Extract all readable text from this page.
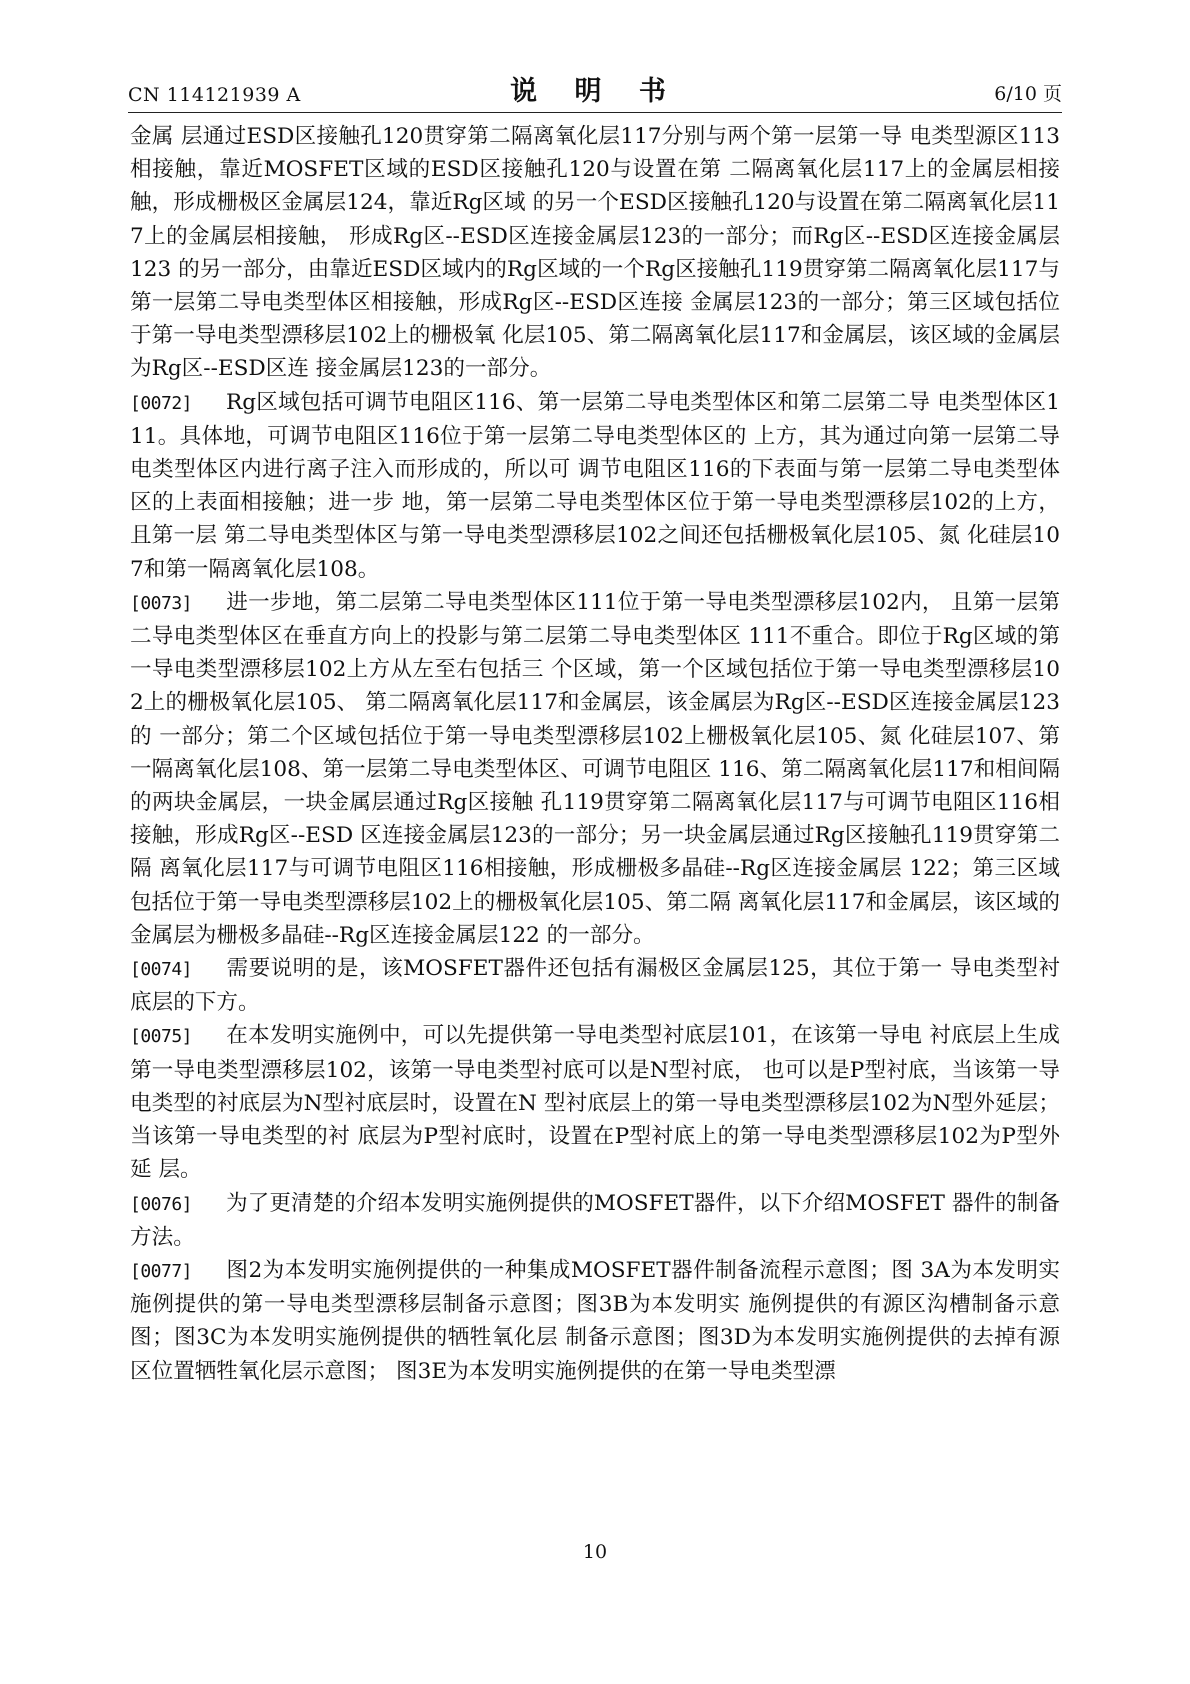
CN 114121939 A	说 明 书	6/10 页

金属 层通过ESD区接触孔120贯穿第二隔离氧化层117分别与两个第一层第一导 电类型源区113相接触，靠近MOSFET区域的ESD区接触孔120与设置在第 二隔离氧化层117上的金属层相接触，形成栅极区金属层124，靠近Rg区域 的另一个ESD区接触孔120与设置在第二隔离氧化层117上的金属层相接触， 形成Rg区--ESD区连接金属层123的一部分；而Rg区--ESD区连接金属层123 的另一部分，由靠近ESD区域内的Rg区域的一个Rg区接触孔119贯穿第二隔离氧化层117与第一层第二导电类型体区相接触，形成Rg区--ESD区连接 金属层123的一部分；第三区域包括位于第一导电类型漂移层102上的栅极氧 化层105、第二隔离氧化层117和金属层，该区域的金属层为Rg区--ESD区连 接金属层123的一部分。

[0072] Rg区域包括可调节电阻区116、第一层第二导电类型体区和第二层第二导 电类型体区111。具体地，可调节电阻区116位于第一层第二导电类型体区的 上方，其为通过向第一层第二导电类型体区内进行离子注入而形成的，所以可 调节电阻区116的下表面与第一层第二导电类型体区的上表面相接触；进一步 地，第一层第二导电类型体区位于第一导电类型漂移层102的上方，且第一层 第二导电类型体区与第一导电类型漂移层102之间还包括栅极氧化层105、氮 化硅层107和第一隔离氧化层108。

[0073] 进一步地，第二层第二导电类型体区111位于第一导电类型漂移层102内， 且第一层第二导电类型体区在垂直方向上的投影与第二层第二导电类型体区 111不重合。即位于Rg区域的第一导电类型漂移层102上方从左至右包括三 个区域，第一个区域包括位于第一导电类型漂移层102上的栅极氧化层105、 第二隔离氧化层117和金属层，该金属层为Rg区--ESD区连接金属层123的 一部分；第二个区域包括位于第一导电类型漂移层102上栅极氧化层105、氮 化硅层107、第一隔离氧化层108、第一层第二导电类型体区、可调节电阻区 116、第二隔离氧化层117和相间隔的两块金属层，一块金属层通过Rg区接触 孔119贯穿第二隔离氧化层117与可调节电阻区116相接触，形成Rg区--ESD 区连接金属层123的一部分；另一块金属层通过Rg区接触孔119贯穿第二隔 离氧化层117与可调节电阻区116相接触，形成栅极多晶硅--Rg区连接金属层 122；第三区域包括位于第一导电类型漂移层102上的栅极氧化层105、第二隔 离氧化层117和金属层，该区域的金属层为栅极多晶硅--Rg区连接金属层122 的一部分。

[0074] 需要说明的是，该MOSFET器件还包括有漏极区金属层125，其位于第一 导电类型衬底层的下方。

[0075] 在本发明实施例中，可以先提供第一导电类型衬底层101，在该第一导电 衬底层上生成第一导电类型漂移层102，该第一导电类型衬底可以是N型衬底， 也可以是P型衬底，当该第一导电类型的衬底层为N型衬底层时，设置在N 型衬底层上的第一导电类型漂移层102为N型外延层；当该第一导电类型的衬 底层为P型衬底时，设置在P型衬底上的第一导电类型漂移层102为P型外延 层。

[0076] 为了更清楚的介绍本发明实施例提供的MOSFET器件，以下介绍MOSFET 器件的制备方法。

[0077] 图2为本发明实施例提供的一种集成MOSFET器件制备流程示意图；图 3A为本发明实施例提供的第一导电类型漂移层制备示意图；图3B为本发明实 施例提供的有源区沟槽制备示意图；图3C为本发明实施例提供的牺牲氧化层 制备示意图；图3D为本发明实施例提供的去掉有源区位置牺牲氧化层示意图； 图3E为本发明实施例提供的在第一导电类型漂

10
